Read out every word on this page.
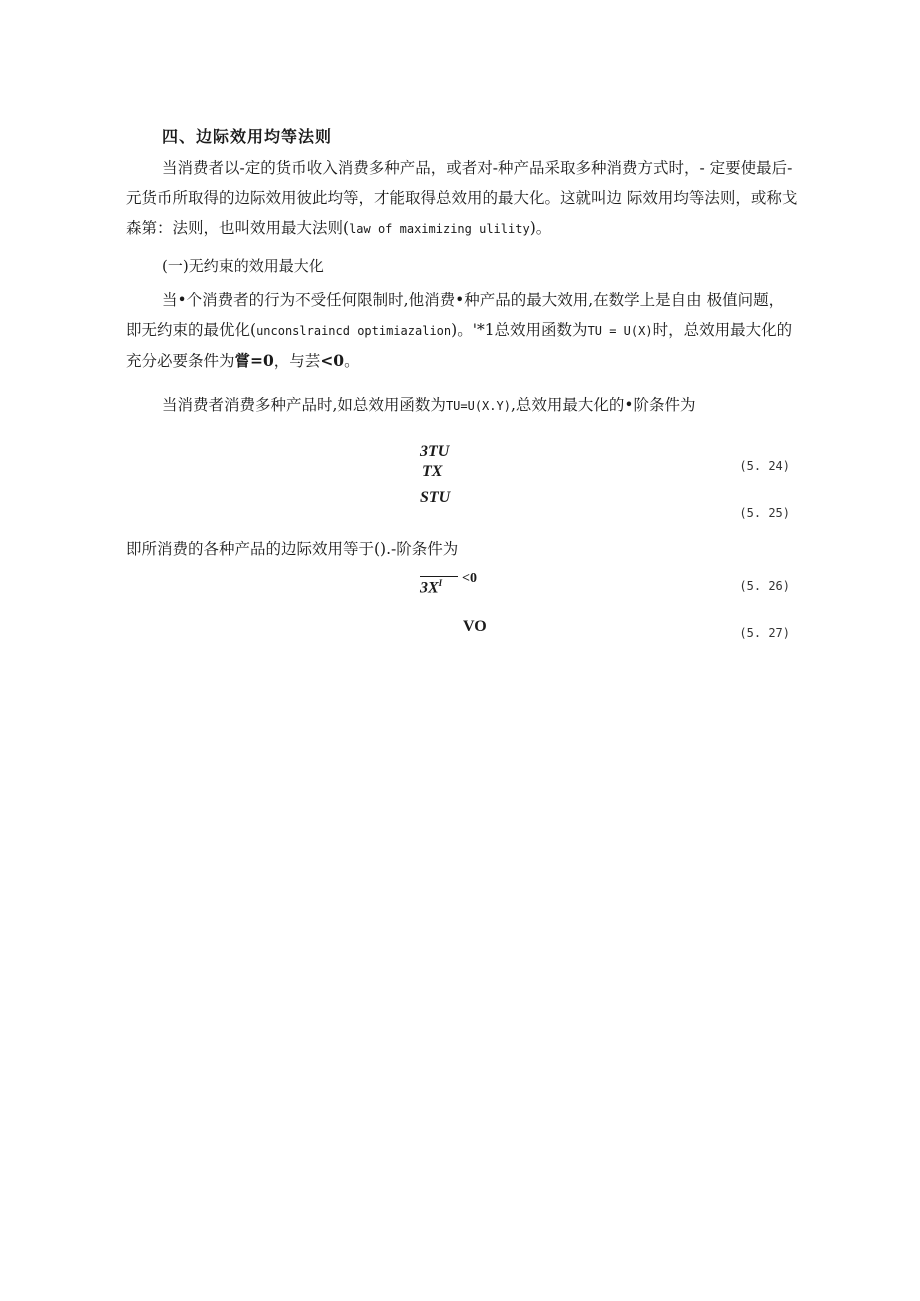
四、边际效用均等法则

当消费者以-定的货币收入消费多种产品，或者对-种产品采取多种消费方式时，- 定要使最后-元货币所取得的边际效用彼此均等，才能取得总效用的最大化。这就叫边 际效用均等法则，或称戈森第：法则，也叫效用最大法则(law of maximizing ulility)。

(一)无约束的效用最大化

当•个消费者的行为不受任何限制时,他消费•种产品的最大效用,在数学上是自由 极值问题，即无约束的最优化(unconslraincd optimiazalion)。'*1总效用函数为TU = U(X)时，总效用最大化的充分必要条件为嘗=0，与芸<0。

当消费者消费多种产品时,如总效用函数为TU=U(X.Y),总效用最大化的•阶条件为

3TU
TX	(5. 24)
STU
(5. 25)

即所消费的各种产品的边际效用等于().-阶条件为

$3X^I <0$	(5. 26)
VO	(5. 27)
